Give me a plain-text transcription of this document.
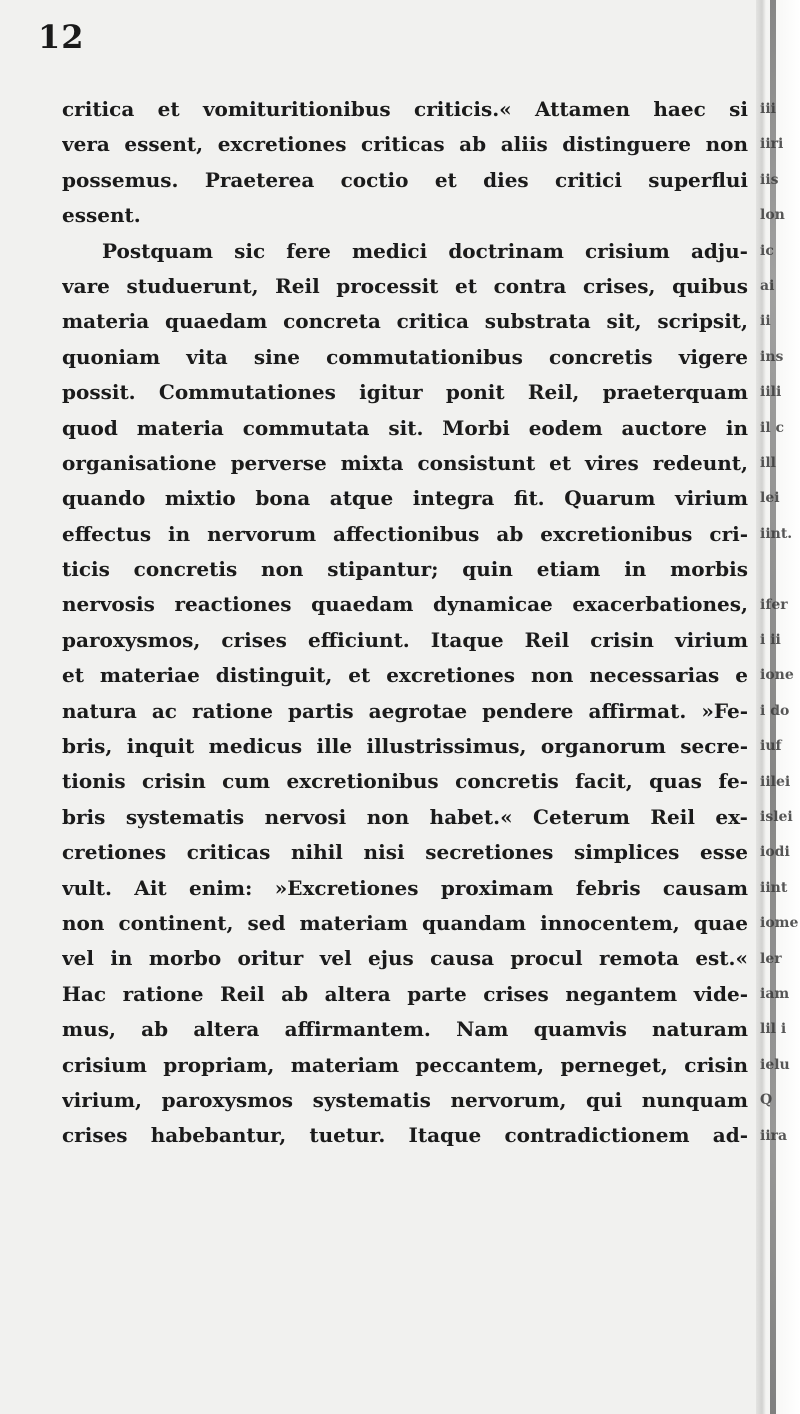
12
critica et vomituritionibus criticis.« Attamen haec si
vera essent, excretiones criticas ab aliis distinguere non
possemus. Praeterea coctio et dies critici superflui
essent.
Postquam sic fere medici doctrinam crisium adju-
vare studuerunt, Reil processit et contra crises, quibus
materia quaedam concreta critica substrata sit, scripsit,
quoniam vita sine commutationibus concretis vigere
possit. Commutationes igitur ponit Reil, praeterquam
quod materia commutata sit. Morbi eodem auctore in
organisatione perverse mixta consistunt et vires redeunt,
quando mixtio bona atque integra fit. Quarum virium
effectus in nervorum affectionibus ab excretionibus cri-
ticis concretis non stipantur; quin etiam in morbis
nervosis reactiones quaedam dynamicae exacerbationes,
paroxysmos, crises efficiunt. Itaque Reil crisin virium
et materiae distinguit, et excretiones non necessarias e
natura ac ratione partis aegrotae pendere affirmat. »Fe-
bris, inquit medicus ille illustrissimus, organorum secre-
tionis crisin cum excretionibus concretis facit, quas fe-
bris systematis nervosi non habet.« Ceterum Reil ex-
cretiones criticas nihil nisi secretiones simplices esse
vult. Ait enim: »Excretiones proximam febris causam
non continent, sed materiam quandam innocentem, quae
vel in morbo oritur vel ejus causa procul remota est.«
Hac ratione Reil ab altera parte crises negantem vide-
mus, ab altera affirmantem. Nam quamvis naturam
crisium propriam, materiam peccantem, perneget, crisin
virium, paroxysmos systematis nervorum, qui nunquam
crises habebantur, tuetur. Itaque contradictionem ad-
iii
iiri
iis
lon
ic
ai
ii
ins
iili
il c
ill
lei
iint.
ifer
i ii
ione
i do
iuf
iilei
islei
iodi
iint
iome
ler
iam
lil i
ielu
Q
iira
